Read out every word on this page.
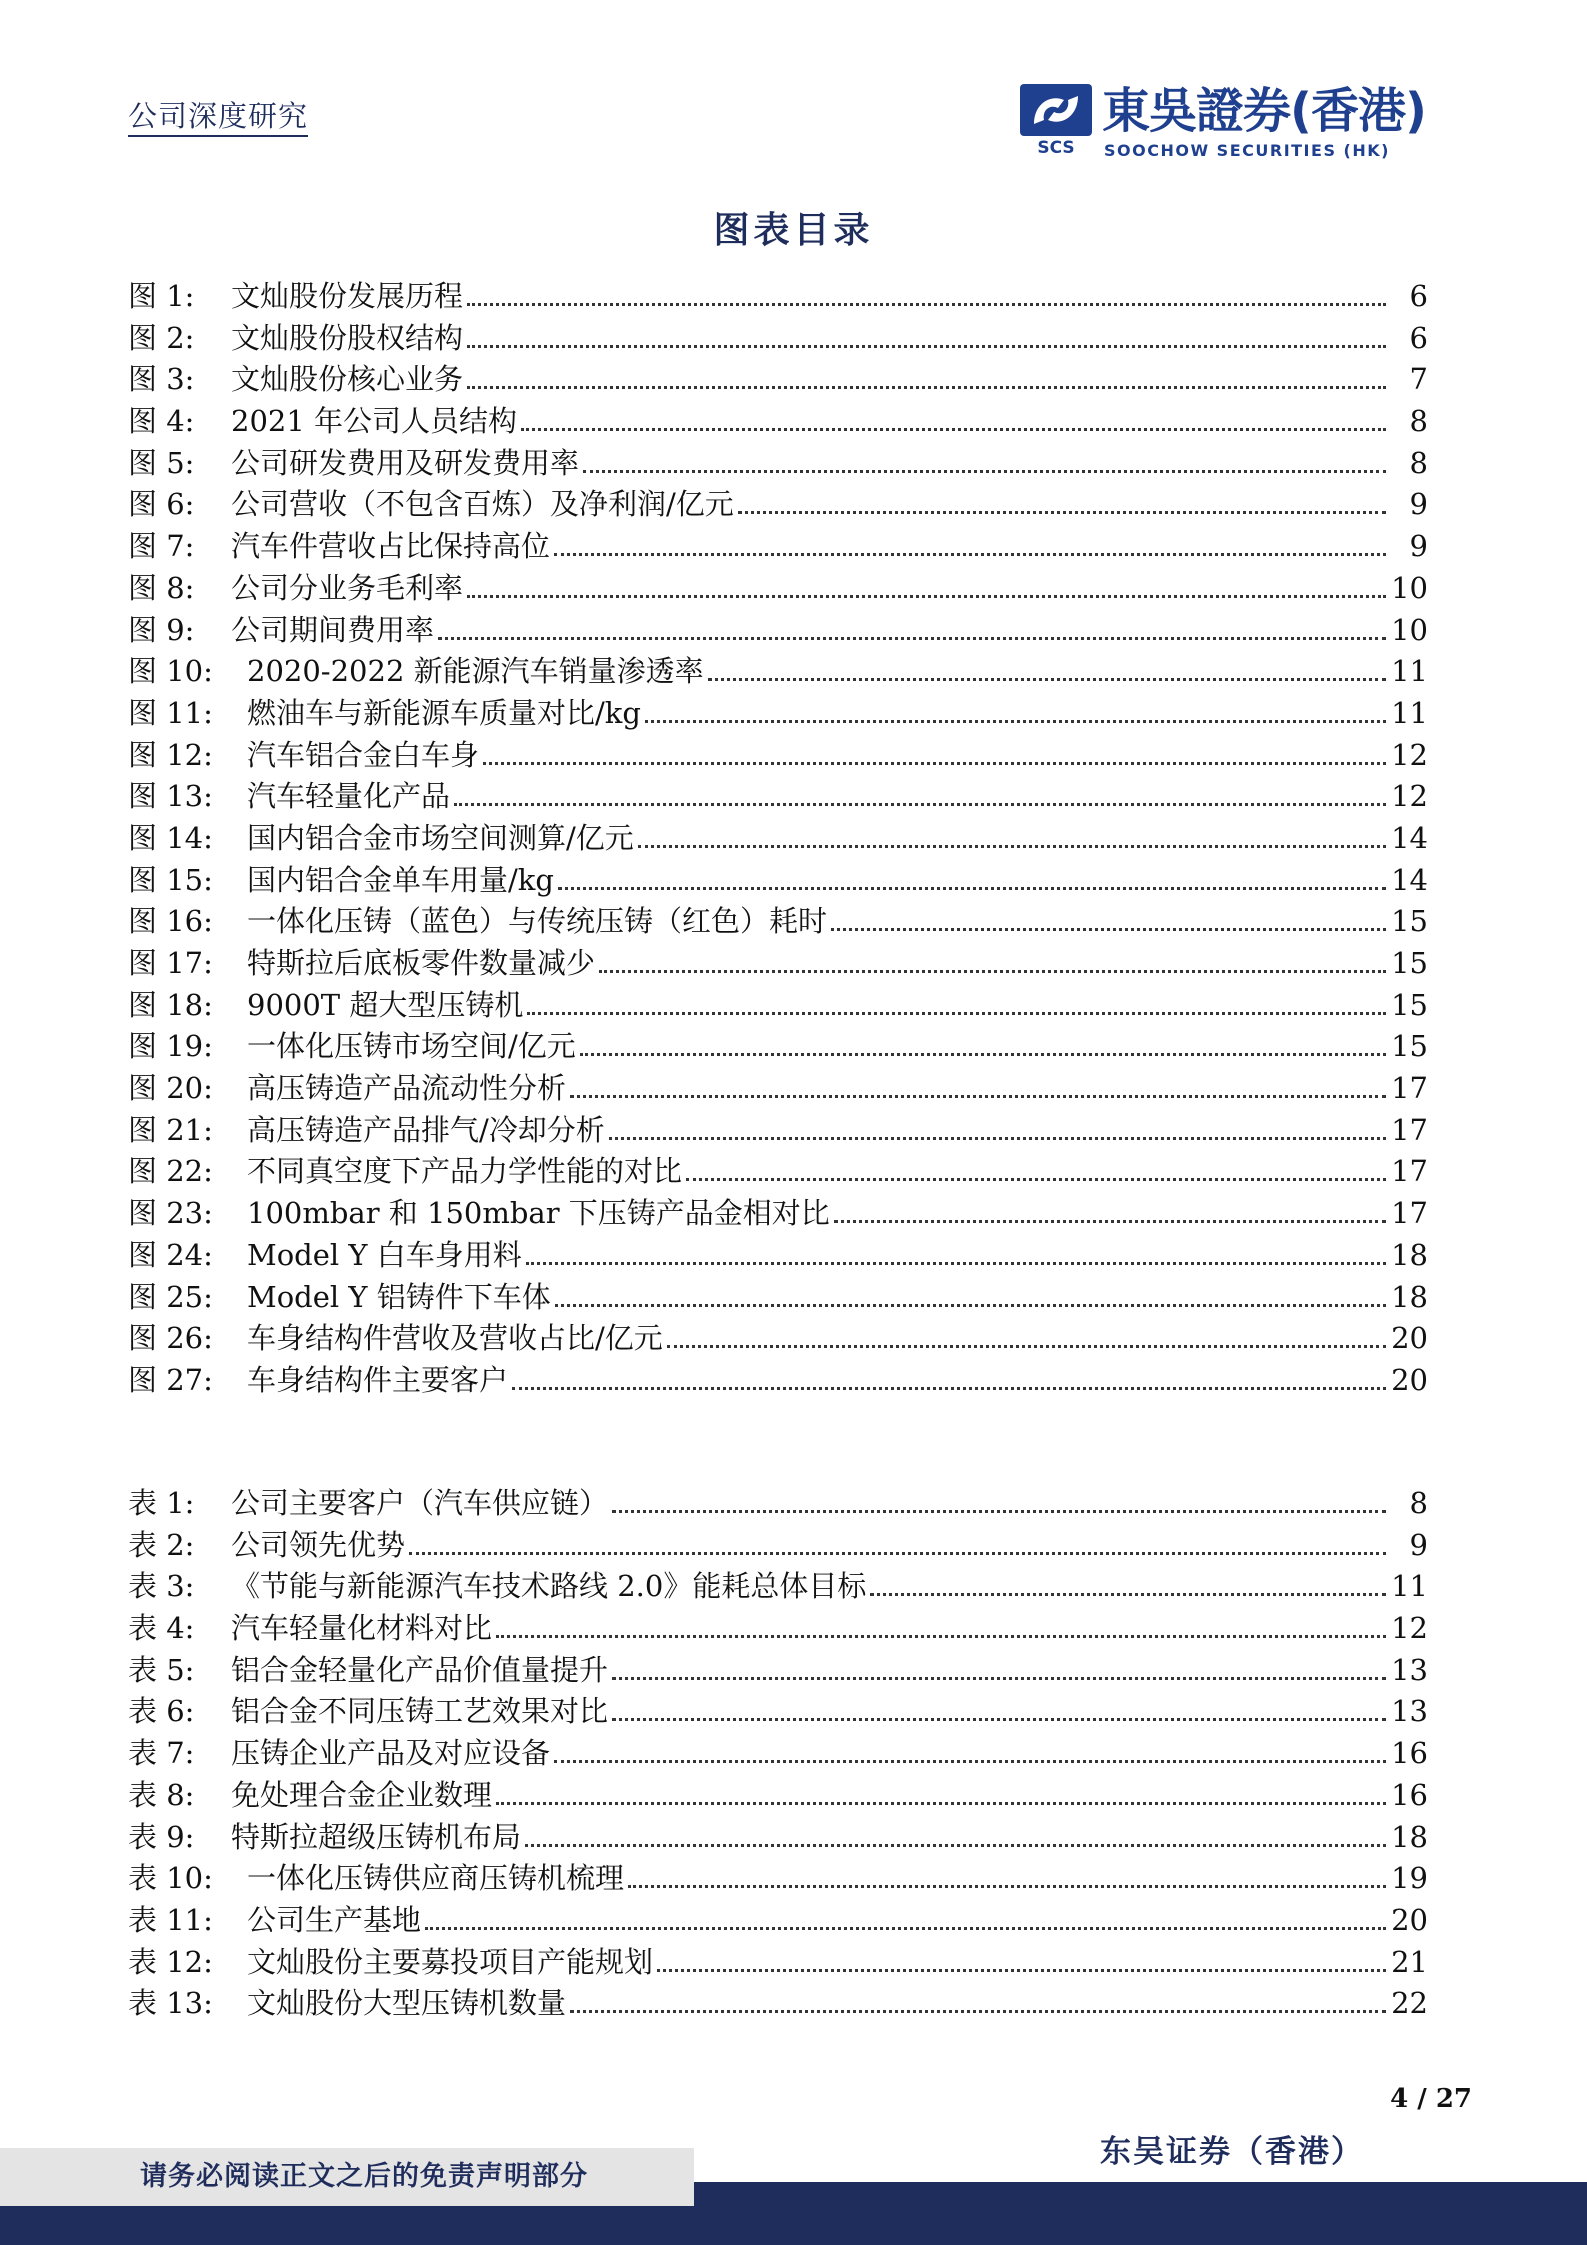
公司深度研究
SCS
東吳證券(香港)
SOOCHOW SECURITIES (HK)
图表目录
图 1:	文灿股份发展历程	6
图 2:	文灿股份股权结构	6
图 3:	文灿股份核心业务	7
图 4:	2021 年公司人员结构	8
图 5:	公司研发费用及研发费用率	8
图 6:	公司营收（不包含百炼）及净利润/亿元	9
图 7:	汽车件营收占比保持高位	9
图 8:	公司分业务毛利率	10
图 9:	公司期间费用率	10
图 10:	2020-2022 新能源汽车销量渗透率	11
图 11:	燃油车与新能源车质量对比/kg	11
图 12:	汽车铝合金白车身	12
图 13:	汽车轻量化产品	12
图 14:	国内铝合金市场空间测算/亿元	14
图 15:	国内铝合金单车用量/kg	14
图 16:	一体化压铸（蓝色）与传统压铸（红色）耗时	15
图 17:	特斯拉后底板零件数量减少	15
图 18:	9000T 超大型压铸机	15
图 19:	一体化压铸市场空间/亿元	15
图 20:	高压铸造产品流动性分析	17
图 21:	高压铸造产品排气/冷却分析	17
图 22:	不同真空度下产品力学性能的对比	17
图 23:	100mbar 和 150mbar 下压铸产品金相对比	17
图 24:	Model Y 白车身用料	18
图 25:	Model Y 铝铸件下车体	18
图 26:	车身结构件营收及营收占比/亿元	20
图 27:	车身结构件主要客户	20
表 1:	公司主要客户（汽车供应链）	8
表 2:	公司领先优势	9
表 3:	《节能与新能源汽车技术路线 2.0》能耗总体目标	11
表 4:	汽车轻量化材料对比	12
表 5:	铝合金轻量化产品价值量提升	13
表 6:	铝合金不同压铸工艺效果对比	13
表 7:	压铸企业产品及对应设备	16
表 8:	免处理合金企业数理	16
表 9:	特斯拉超级压铸机布局	18
表 10:	一体化压铸供应商压铸机梳理	19
表 11:	公司生产基地	20
表 12:	文灿股份主要募投项目产能规划	21
表 13:	文灿股份大型压铸机数量	22
4 / 27
请务必阅读正文之后的免责声明部分
东吴证券（香港）
